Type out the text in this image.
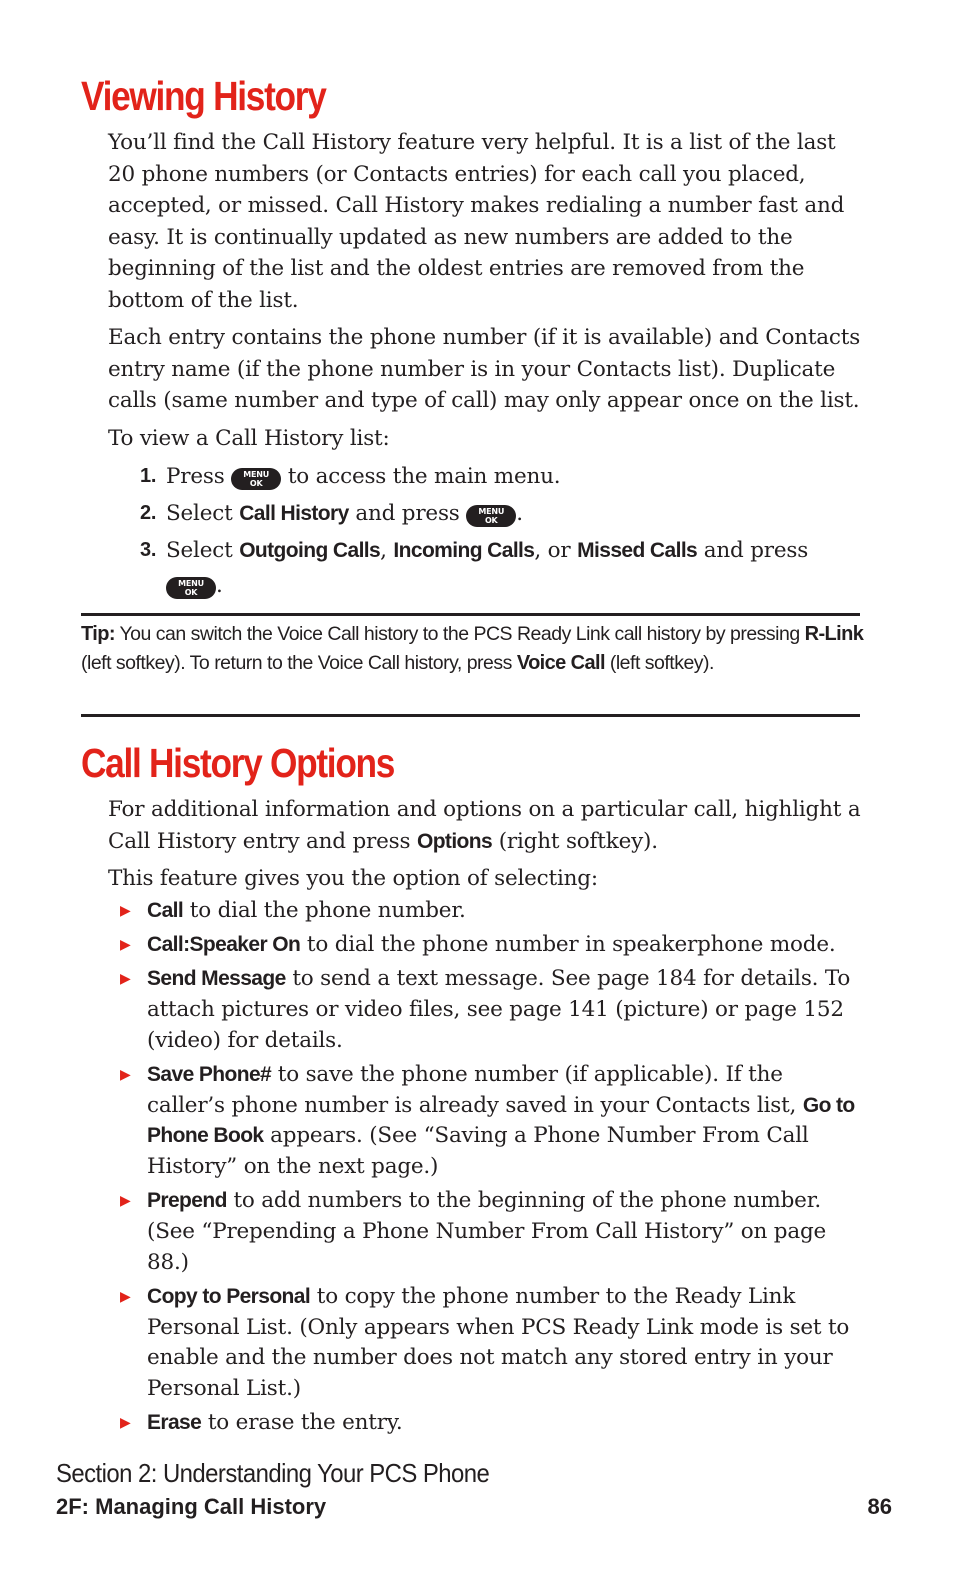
Viewing History

You’ll find the Call History feature very helpful. It is a list of the last 20 phone numbers (or Contacts entries) for each call you placed, accepted, or missed. Call History makes redialing a number fast and easy. It is continually updated as new numbers are added to the beginning of the list and the oldest entries are removed from the bottom of the list.

Each entry contains the phone number (if it is available) and Contacts entry name (if the phone number is in your Contacts list). Duplicate calls (same number and type of call) may only appear once on the list.

To view a Call History list:

1. Press	MENU
OK	to access the main menu.
2. Select Call History and press	MENU
OK .
3. Select Outgoing Calls, Incoming Calls, or Missed Calls and press
MENU
OK .
Tip: You can switch the Voice Call history to the PCS Ready Link call history by pressing R-Link (left softkey). To return to the Voice Call history, press Voice Call (left softkey).
Call History Options

For additional information and options on a particular call, highlight a Call History entry and press Options (right softkey).

This feature gives you the option of selecting:

▶ Call to dial the phone number.
▶ Call:Speaker On to dial the phone number in speakerphone mode.
▶ Send Message to send a text message. See page 184 for details. To attach pictures or video files, see page 141 (picture) or page 152 (video) for details.
▶ Save Phone# to save the phone number (if applicable). If the caller’s phone number is already saved in your Contacts list, Go to Phone Book appears. (See “Saving a Phone Number From Call History” on the next page.)
▶ Prepend to add numbers to the beginning of the phone number. (See “Prepending a Phone Number From Call History” on page 88.)
▶ Copy to Personal to copy the phone number to the Ready Link Personal List. (Only appears when PCS Ready Link mode is set to enable and the number does not match any stored entry in your Personal List.)
▶ Erase to erase the entry.
Section 2: Understanding Your PCS Phone
2F: Managing Call History	86
